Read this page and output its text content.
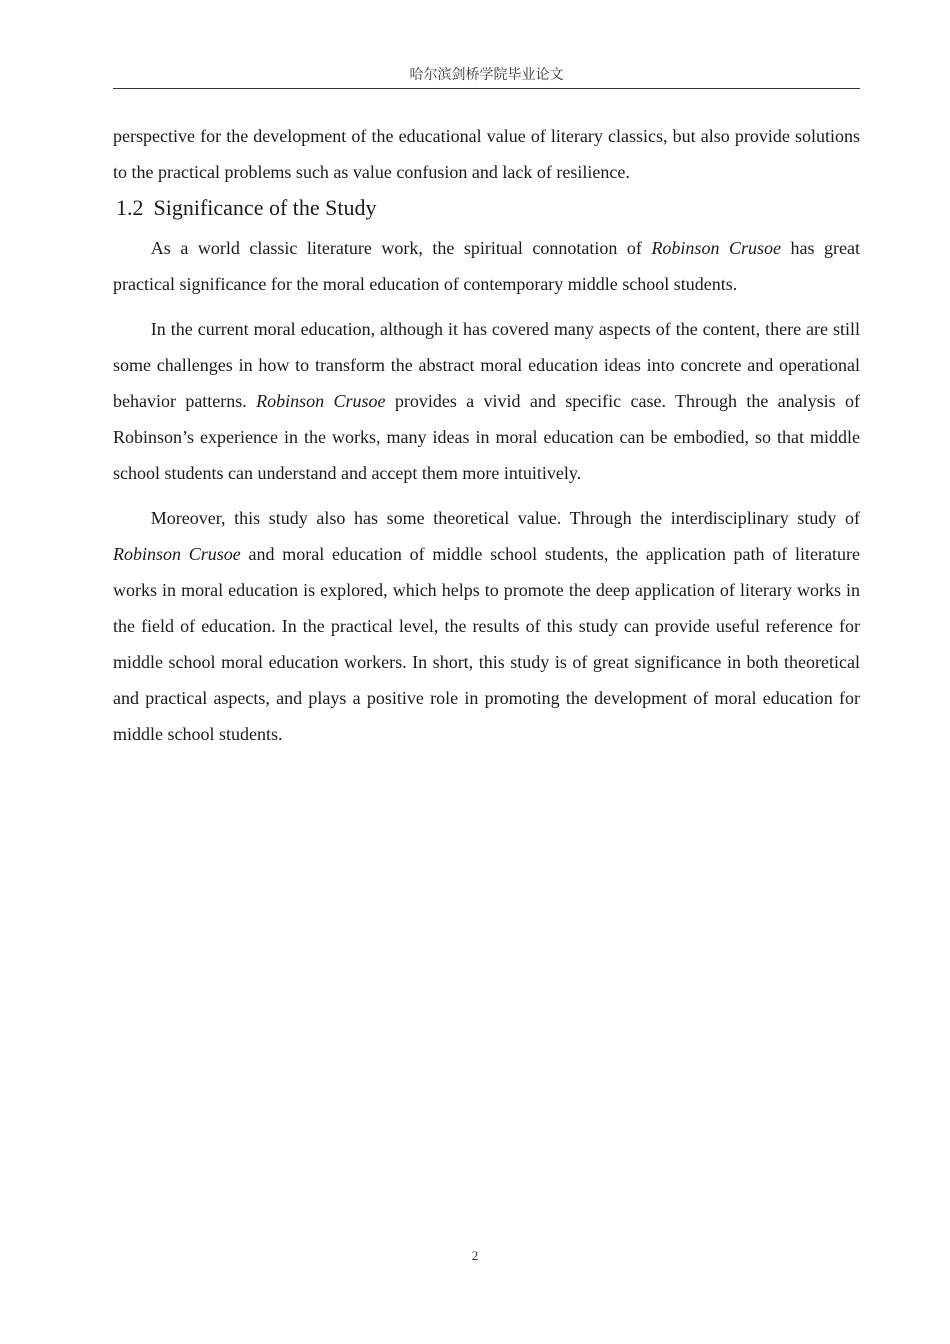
哈尔滨剑桥学院毕业论文

perspective for the development of the educational value of literary classics, but also provide solutions to the practical problems such as value confusion and lack of resilience.

1.2 Significance of the Study

As a world classic literature work, the spiritual connotation of Robinson Crusoe has great practical significance for the moral education of contemporary middle school students.

In the current moral education, although it has covered many aspects of the content, there are still some challenges in how to transform the abstract moral education ideas into concrete and operational behavior patterns. Robinson Crusoe provides a vivid and specific case. Through the analysis of Robinson’s experience in the works, many ideas in moral education can be embodied, so that middle school students can understand and accept them more intuitively.

Moreover, this study also has some theoretical value. Through the interdisciplinary study of Robinson Crusoe and moral education of middle school students, the application path of literature works in moral education is explored, which helps to promote the deep application of literary works in the field of education. In the practical level, the results of this study can provide useful reference for middle school moral education workers. In short, this study is of great significance in both theoretical and practical aspects, and plays a positive role in promoting the development of moral education for middle school students.

2
